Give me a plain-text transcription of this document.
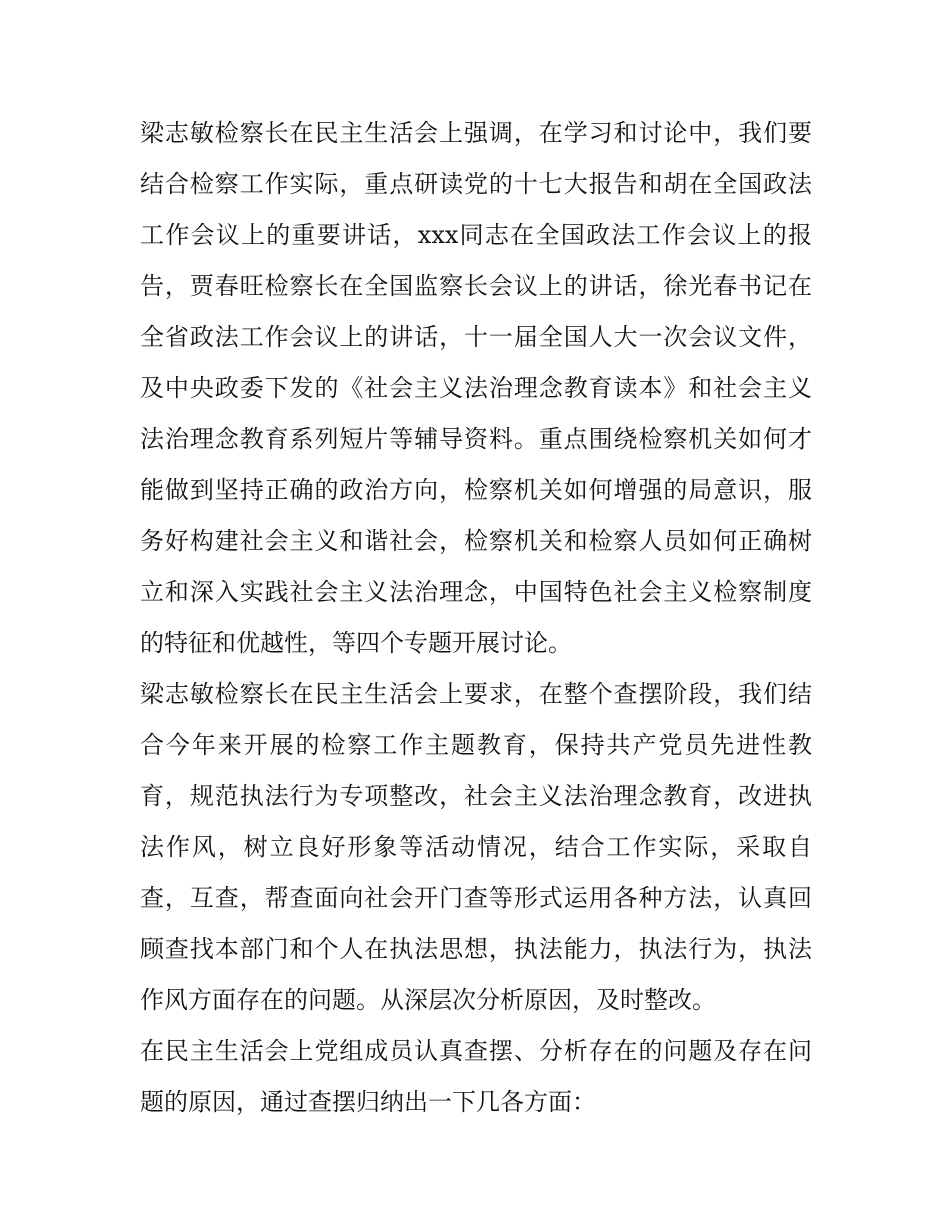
梁志敏检察长在民主生活会上强调，在学习和讨论中，我们要
结合检察工作实际，重点研读党的十七大报告和胡在全国政法
工作会议上的重要讲话，xxx同志在全国政法工作会议上的报
告，贾春旺检察长在全国监察长会议上的讲话，徐光春书记在
全省政法工作会议上的讲话，十一届全国人大一次会议文件，
及中央政委下发的《社会主义法治理念教育读本》和社会主义
法治理念教育系列短片等辅导资料。重点围绕检察机关如何才
能做到坚持正确的政治方向，检察机关如何增强的局意识，服
务好构建社会主义和谐社会，检察机关和检察人员如何正确树
立和深入实践社会主义法治理念，中国特色社会主义检察制度
的特征和优越性，等四个专题开展讨论。
梁志敏检察长在民主生活会上要求，在整个查摆阶段，我们结
合今年来开展的检察工作主题教育，保持共产党员先进性教
育，规范执法行为专项整改，社会主义法治理念教育，改进执
法作风，树立良好形象等活动情况，结合工作实际，采取自
查，互查，帮查面向社会开门查等形式运用各种方法，认真回
顾查找本部门和个人在执法思想，执法能力，执法行为，执法
作风方面存在的问题。从深层次分析原因，及时整改。
在民主生活会上党组成员认真查摆、分析存在的问题及存在问
题的原因，通过查摆归纳出一下几各方面：
